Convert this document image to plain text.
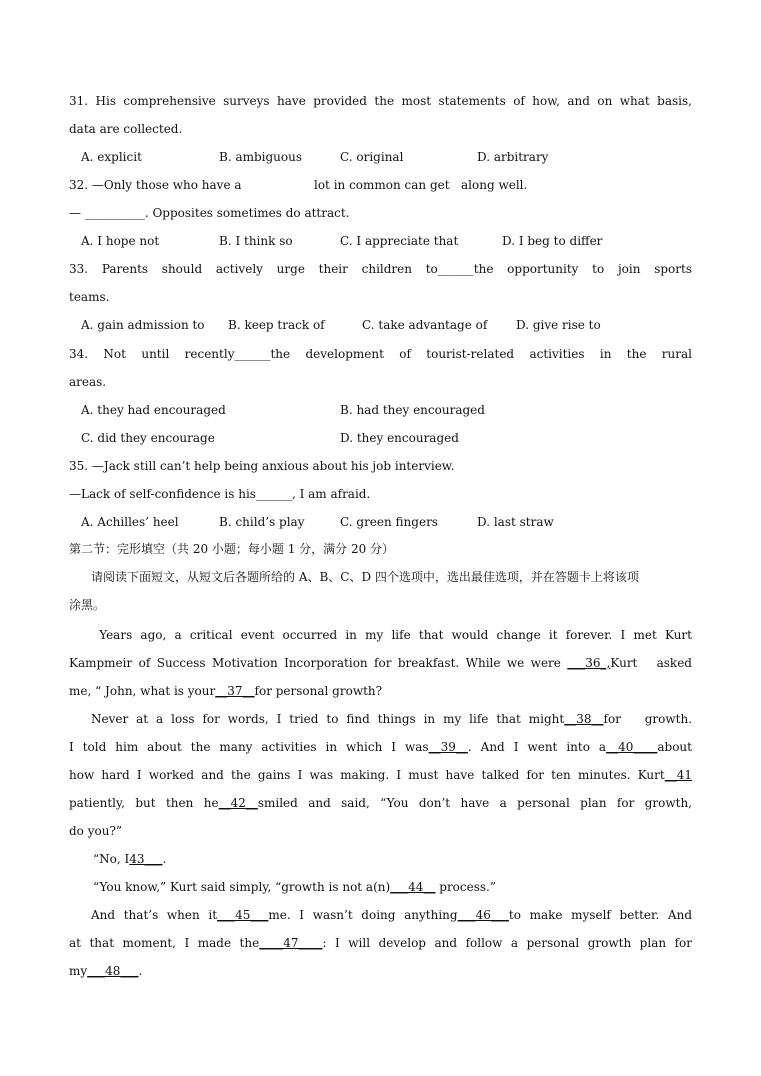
31. His comprehensive surveys have provided the most statements of how, and on what basis,
data are collected.
A. explicit	B. ambiguous	C. original	D. arbitrary
32. —Only those who have a                   lot in common can get   along well.
— __________. Opposites sometimes do attract.
A. I hope not	B. I think so	C. I appreciate that	D. I beg to differ
33. Parents should actively urge their children to______the opportunity to join sports
teams.
A. gain admission to B. keep track of	C. take advantage of D. give rise to
34. Not until recently______the development of tourist-related activities in the rural
areas.
A. they had encouraged	B. had they encouraged
C. did they encourage	D. they encouraged
35. —Jack still can’t help being anxious about his job interview.
—Lack of self-confidence is his______, I am afraid.
A. Achilles’ heel	B. child’s play	C. green fingers	D. last straw
第二节：完形填空（共 20 小题；每小题 1 分，满分 20 分）
请阅读下面短文，从短文后各题所给的 A、B、C、D 四个选项中，选出最佳选项，并在答题卡上将该项
涂黑。
Years ago, a critical event occurred in my life that would change it forever. I met Kurt
Kampmeir of Success Motivation Incorporation for breakfast. While we were ___36_,Kurt   asked
me, “ John, what is your__37__for personal growth?
Never at a loss for words, I tried to find things in my life that might__38__for   growth.
I told him about the many activities in which I was__39__. And I went into a__40____about
how hard I worked and the gains I was making. I must have talked for ten minutes. Kurt__41
patiently, but then he__42__smiled and said, “You don’t have a personal plan for growth,
do you?”
“No, I43___.
“You know,” Kurt said simply, “growth is not a(n)___44__ process.”
And that’s when it___45___me. I wasn’t doing anything___46___to make myself better. And
at that moment, I made the____47____: I will develop and follow a personal growth plan for
my___48___.
